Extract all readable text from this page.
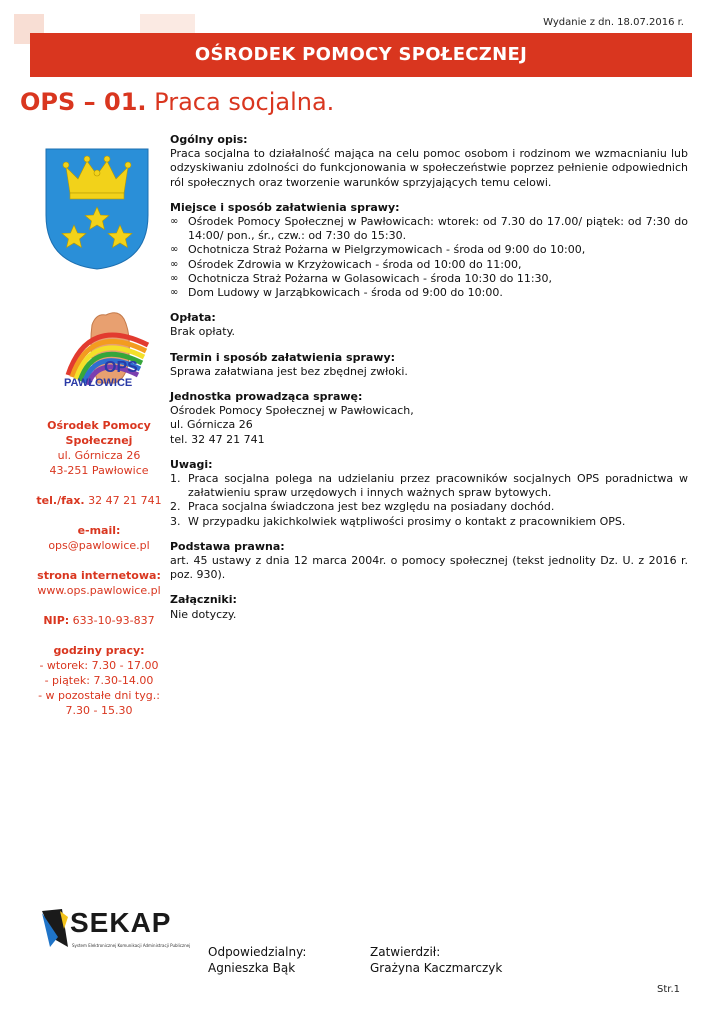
Wydanie z dn. 18.07.2016 r.
OŚRODEK POMOCY SPOŁECZNEJ
OPS – 01. Praca socjalna.
OPS
PAWŁOWICE
Ośrodek Pomocy
Społecznej
ul. Górnicza 26
43-251 Pawłowice
tel./fax. 32 47 21 741
e-mail:
ops@pawlowice.pl
strona internetowa:
www.ops.pawlowice.pl
NIP: 633-10-93-837
godziny pracy:
- wtorek: 7.30 - 17.00
- piątek: 7.30-14.00
- w pozostałe dni tyg.:
7.30 - 15.30
Ogólny opis:

Praca socjalna to działalność mająca na celu pomoc osobom i rodzinom we wzmacnianiu lub odzyskiwaniu zdolności do funkcjonowania w społeczeństwie poprzez pełnienie odpowiednich ról społecznych oraz tworzenie warunków sprzyjających temu celowi.

Miejsce i sposób załatwienia sprawy:
∞ Ośrodek Pomocy Społecznej w Pawłowicach: wtorek: od 7.30 do 17.00/ piątek: od 7:30 do 14:00/ pon., śr., czw.: od 7:30 do 15:30.
∞ Ochotnicza Straż Pożarna w Pielgrzymowicach - środa od 9:00 do 10:00,
∞ Ośrodek Zdrowia w Krzyżowicach - środa od 10:00 do 11:00,
∞ Ochotnicza Straż Pożarna w Golasowicach - środa 10:30 do 11:30,
∞ Dom Ludowy w Jarząbkowicach - środa od 9:00 do 10:00.
Opłata:

Brak opłaty.

Termin i sposób załatwienia sprawy:

Sprawa załatwiana jest bez zbędnej zwłoki.

Jednostka prowadząca sprawę:

Ośrodek Pomocy Społecznej w Pawłowicach,

ul. Górnicza 26

tel. 32 47 21 741

Uwagi:
1. Praca socjalna polega na udzielaniu przez pracowników socjalnych OPS poradnictwa w załatwieniu spraw urzędowych i innych ważnych spraw bytowych.
2. Praca socjalna świadczona jest bez względu na posiadany dochód.
3. W przypadku jakichkolwiek wątpliwości prosimy o kontakt z pracownikiem OPS.
Podstawa prawna:

art. 45 ustawy z dnia 12 marca 2004r. o pomocy społecznej (tekst jednolity Dz. U. z 2016 r. poz. 930).

Załączniki:

Nie dotyczy.

SEKAP
System Elektronicznej Komunikacji Administracji Publicznej Odpowiedzialny:
Agnieszka Bąk
Zatwierdził:
Grażyna Kaczmarczyk
Str.1
